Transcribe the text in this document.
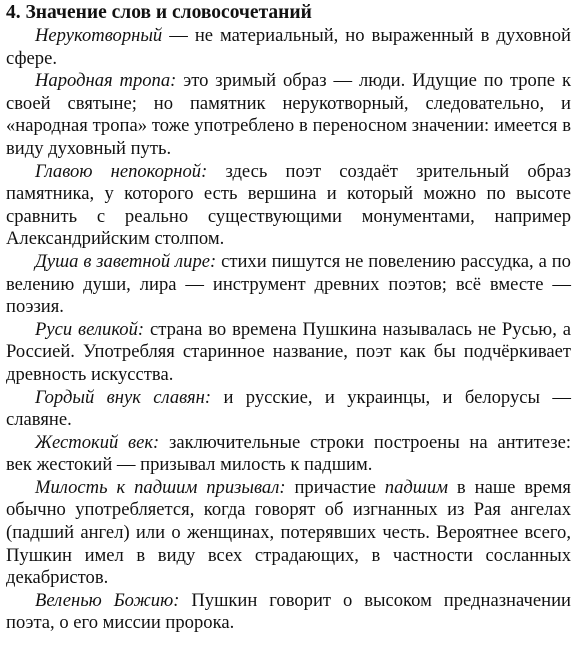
4. Значение слов и словосочетаний

Нерукотворный — не материальный, но выраженный в духовной сфере.

Народная тропа: это зримый образ — люди. Идущие по тропе к своей святыне; но памятник нерукотворный, следовательно, и «народная тропа» тоже употреблено в переносном значении: имеется в виду духовный путь.

Главою непокорной: здесь поэт создаёт зрительный образ памятника, у которого есть вершина и который можно по высоте сравнить с реально существующими монументами, например Александрийским столпом.

Душа в заветной лире: стихи пишутся не повелению рассудка, а по велению души, лира — инструмент древних поэтов; всё вместе — поэзия.

Руси великой: страна во времена Пушкина называлась не Русью, а Россией. Употребляя старинное название, поэт как бы подчёркивает древность искусства.

Гордый внук славян: и русские, и украинцы, и белорусы — славяне.

Жестокий век: заключительные строки построены на антитезе: век жестокий — призывал милость к падшим.

Милость к падшим призывал: причастие падшим в наше время обычно употребляется, когда говорят об изгнанных из Рая ангелах (падший ангел) или о женщинах, потерявших честь. Вероятнее всего, Пушкин имел в виду всех страдающих, в частности сосланных декабристов.

Веленью Божию: Пушкин говорит о высоком предназначении поэта, о его миссии пророка.
